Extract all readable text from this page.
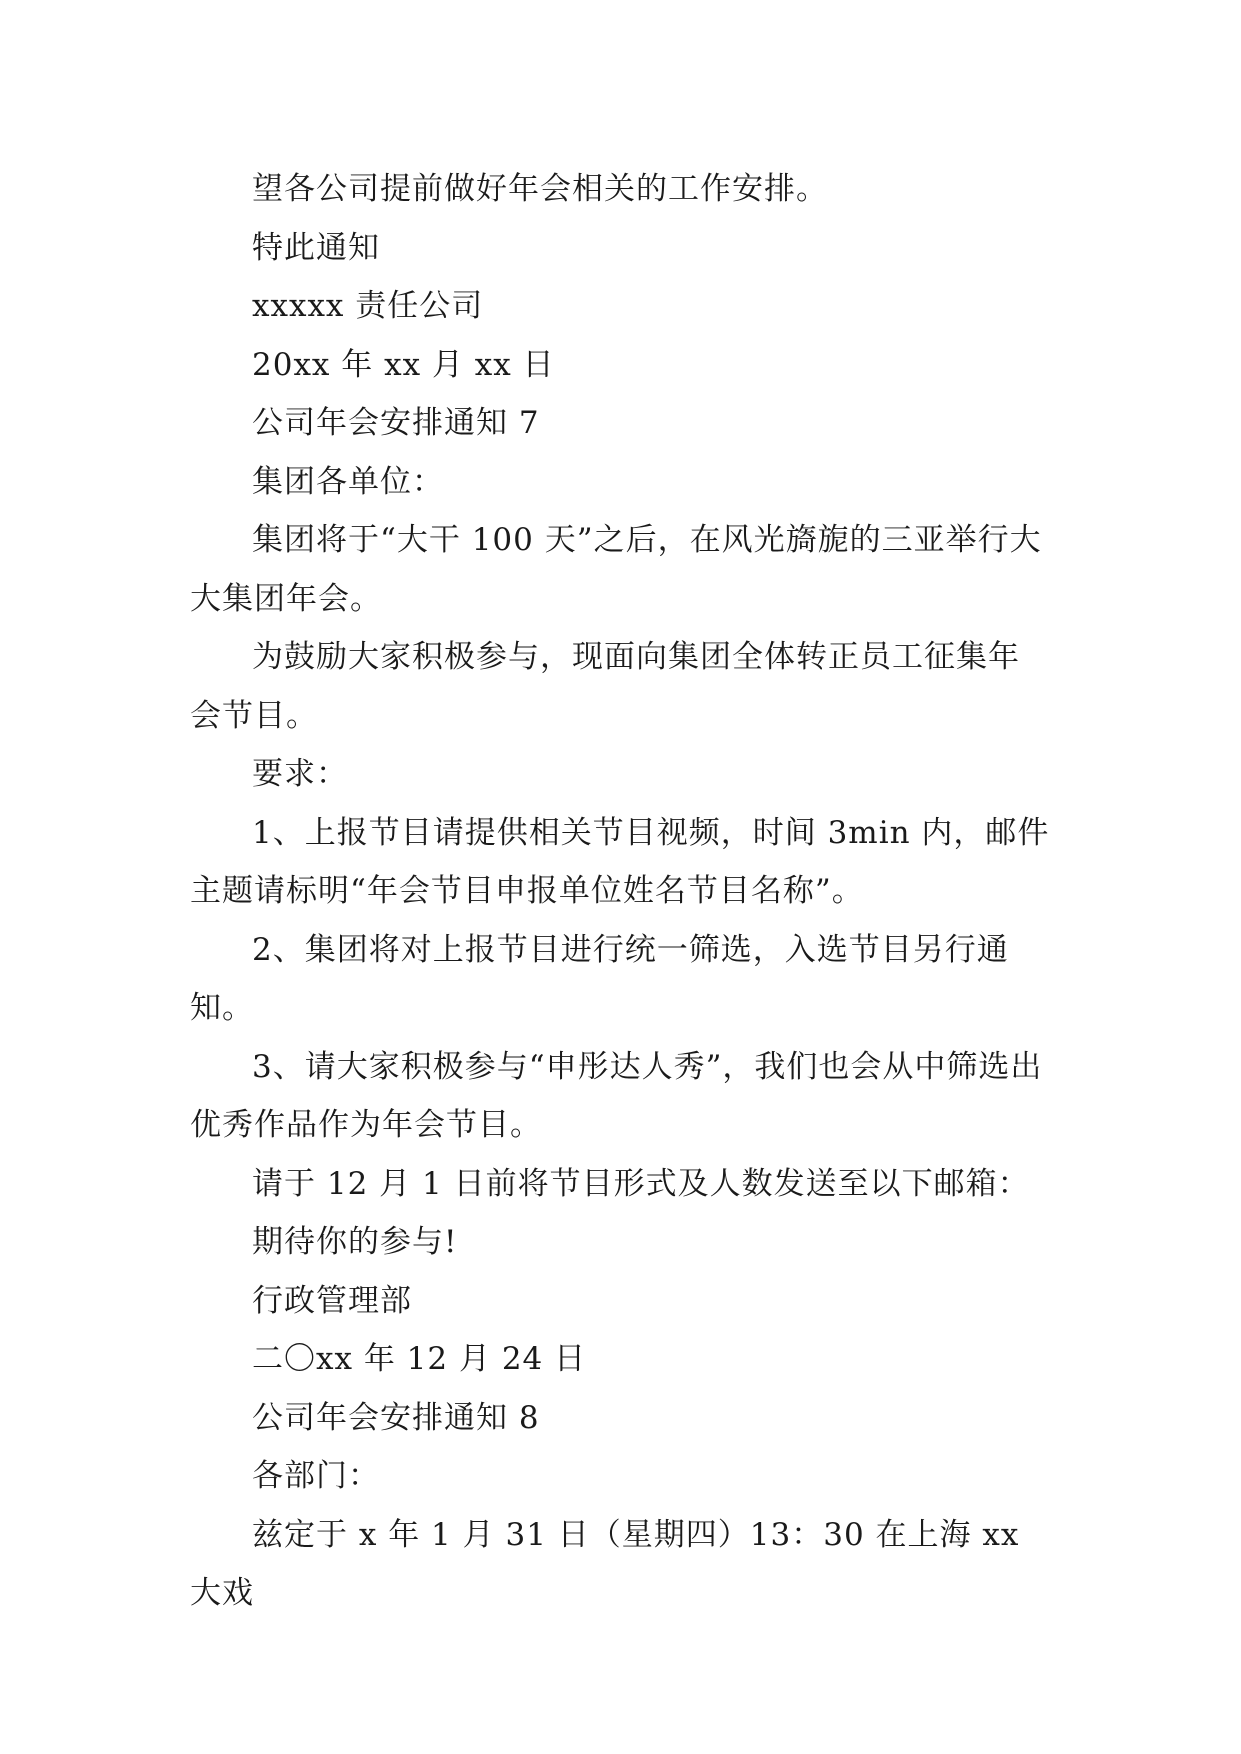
望各公司提前做好年会相关的工作安排。

特此通知

xxxxx 责任公司

20xx 年 xx 月 xx 日

公司年会安排通知 7

集团各单位：

集团将于“大干 100 天”之后，在风光旖旎的三亚举行大大集团年会。

为鼓励大家积极参与，现面向集团全体转正员工征集年会节目。

要求：

1、上报节目请提供相关节目视频，时间 3min 内，邮件主题请标明“年会节目申报单位姓名节目名称”。

2、集团将对上报节目进行统一筛选，入选节目另行通知。

3、请大家积极参与“申彤达人秀”，我们也会从中筛选出优秀作品作为年会节目。

请于 12 月 1 日前将节目形式及人数发送至以下邮箱：

期待你的参与!

行政管理部

二〇xx 年 12 月 24 日

公司年会安排通知 8

各部门：

兹定于 x 年 1 月 31 日（星期四）13：30 在上海 xx 大戏
